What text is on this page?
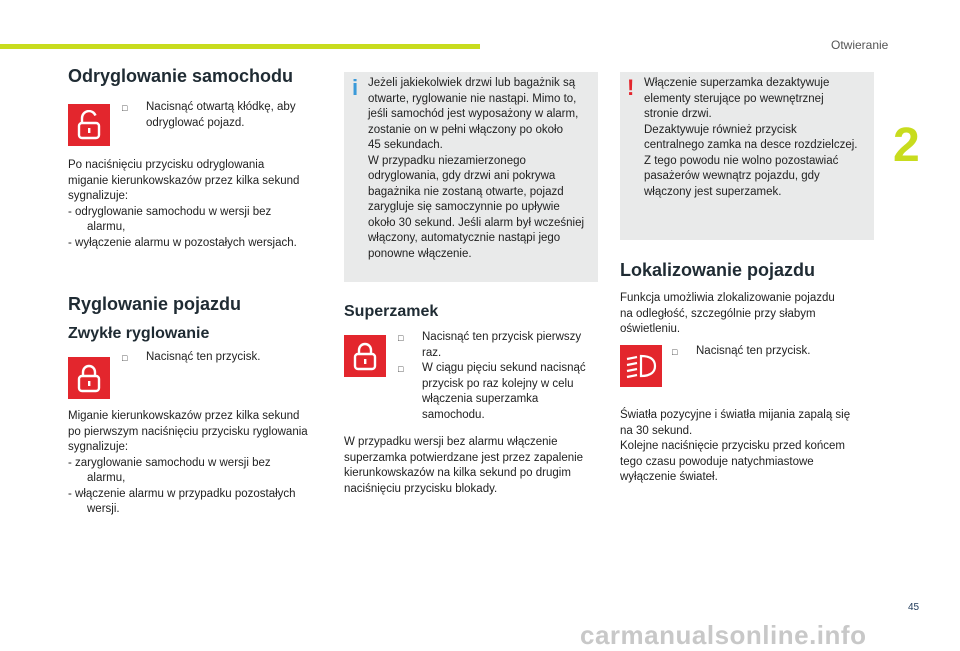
Otwieranie
2
Odryglowanie samochodu
□	Nacisnąć otwartą kłódkę, aby
odryglować pojazd.
Po naciśnięciu przycisku odryglowania
miganie kierunkowskazów przez kilka sekund
sygnalizuje:
- odryglowanie samochodu w wersji bez
alarmu,
- wyłączenie alarmu w pozostałych wersjach.
Ryglowanie pojazdu
Zwykłe ryglowanie
□	Nacisnąć ten przycisk.
Miganie kierunkowskazów przez kilka sekund
po pierwszym naciśnięciu przycisku ryglowania
sygnalizuje:
- zaryglowanie samochodu w wersji bez
alarmu,
- włączenie alarmu w przypadku pozostałych
wersji.
i Jeżeli jakiekolwiek drzwi lub bagażnik są
otwarte, ryglowanie nie nastąpi. Mimo to,
jeśli samochód jest wyposażony w alarm,
zostanie on w pełni włączony po około
45 sekundach.
W przypadku niezamierzonego
odryglowania, gdy drzwi ani pokrywa
bagażnika nie zostaną otwarte, pojazd
zarygluje się samoczynnie po upływie
około 30 sekund. Jeśli alarm był wcześniej
włączony, automatycznie nastąpi jego
ponowne włączenie.
Superzamek
□	Nacisnąć ten przycisk pierwszy
raz.
□	W ciągu pięciu sekund nacisnąć
przycisk po raz kolejny w celu
włączenia superzamka
samochodu.
W przypadku wersji bez alarmu włączenie
superzamka potwierdzane jest przez zapalenie
kierunkowskazów na kilka sekund po drugim
naciśnięciu przycisku blokady.
! Włączenie superzamka dezaktywuje
elementy sterujące po wewnętrznej
stronie drzwi.
Dezaktywuje również przycisk
centralnego zamka na desce rozdzielczej.
Z tego powodu nie wolno pozostawiać
pasażerów wewnątrz pojazdu, gdy
włączony jest superzamek.
Lokalizowanie pojazdu
Funkcja umożliwia zlokalizowanie pojazdu
na odległość, szczególnie przy słabym
oświetleniu.
□	Nacisnąć ten przycisk.
Światła pozycyjne i światła mijania zapalą się
na 30 sekund.
Kolejne naciśnięcie przycisku przed końcem
tego czasu powoduje natychmiastowe
wyłączenie świateł.
45
carmanualsonline.info
